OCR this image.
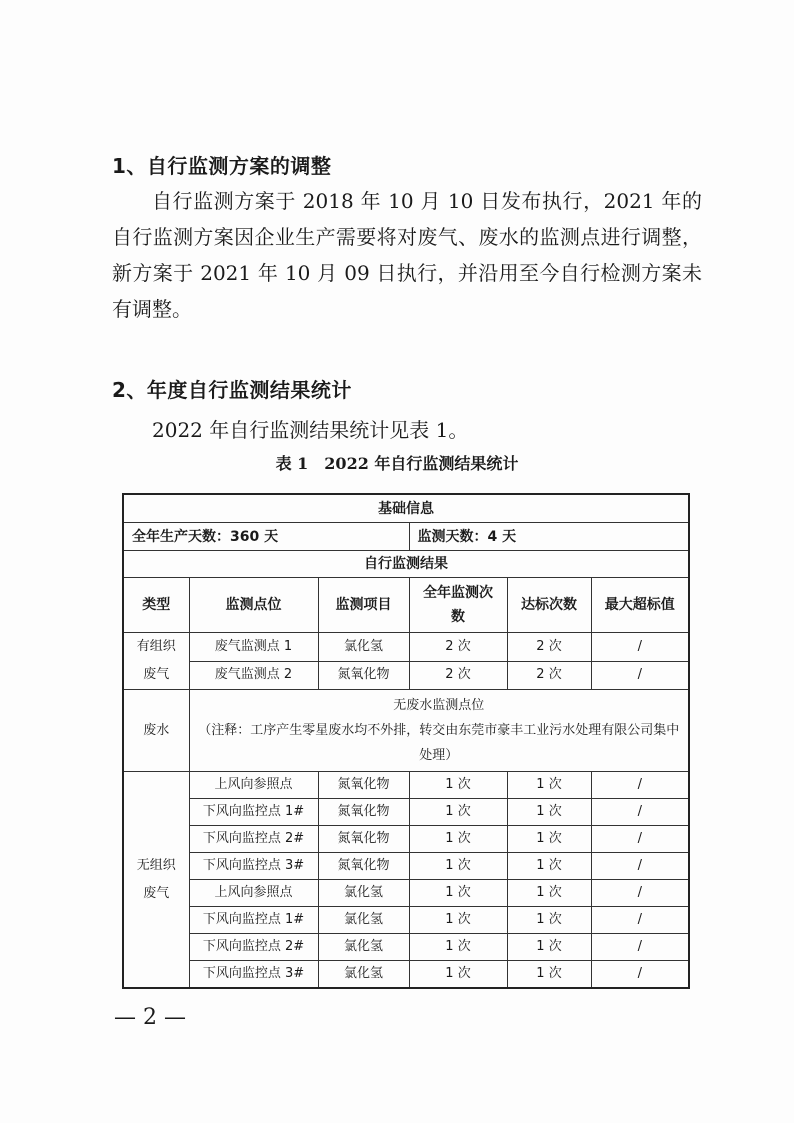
1、自行监测方案的调整

自行监测方案于 2018 年 10 月 10 日发布执行，2021 年的自行监测方案因企业生产需要将对废气、废水的监测点进行调整，新方案于 2021 年 10 月 09 日执行，并沿用至今自行检测方案未有调整。

2、年度自行监测结果统计

2022 年自行监测结果统计见表 1。

表 1　2022 年自行监测结果统计
基础信息					
全年生产天数：360 天			监测天数：4 天		
自行监测结果					
类型	监测点位	监测项目	全年监测次数	达标次数	最大超标值
有组织废气	废气监测点 1	氯化氢	2 次	2 次	/
	废气监测点 2	氮氧化物	2 次	2 次	/
废水	无废水监测点位
（注释：工序产生零星废水均不外排，转交由东莞市豪丰工业污水处理有限公司集中处理）				

无组织废气	上风向参照点	氮氧化物	1 次	1 次	/
	下风向监控点 1#	氮氧化物	1 次	1 次	/
	下风向监控点 2#	氮氧化物	1 次	1 次	/
	下风向监控点 3#	氮氧化物	1 次	1 次	/
	上风向参照点	氯化氢	1 次	1 次	/
	下风向监控点 1#	氯化氢	1 次	1 次	/
	下风向监控点 2#	氯化氢	1 次	1 次	/
	下风向监控点 3#	氯化氢	1 次	1 次	/
— 2 —
